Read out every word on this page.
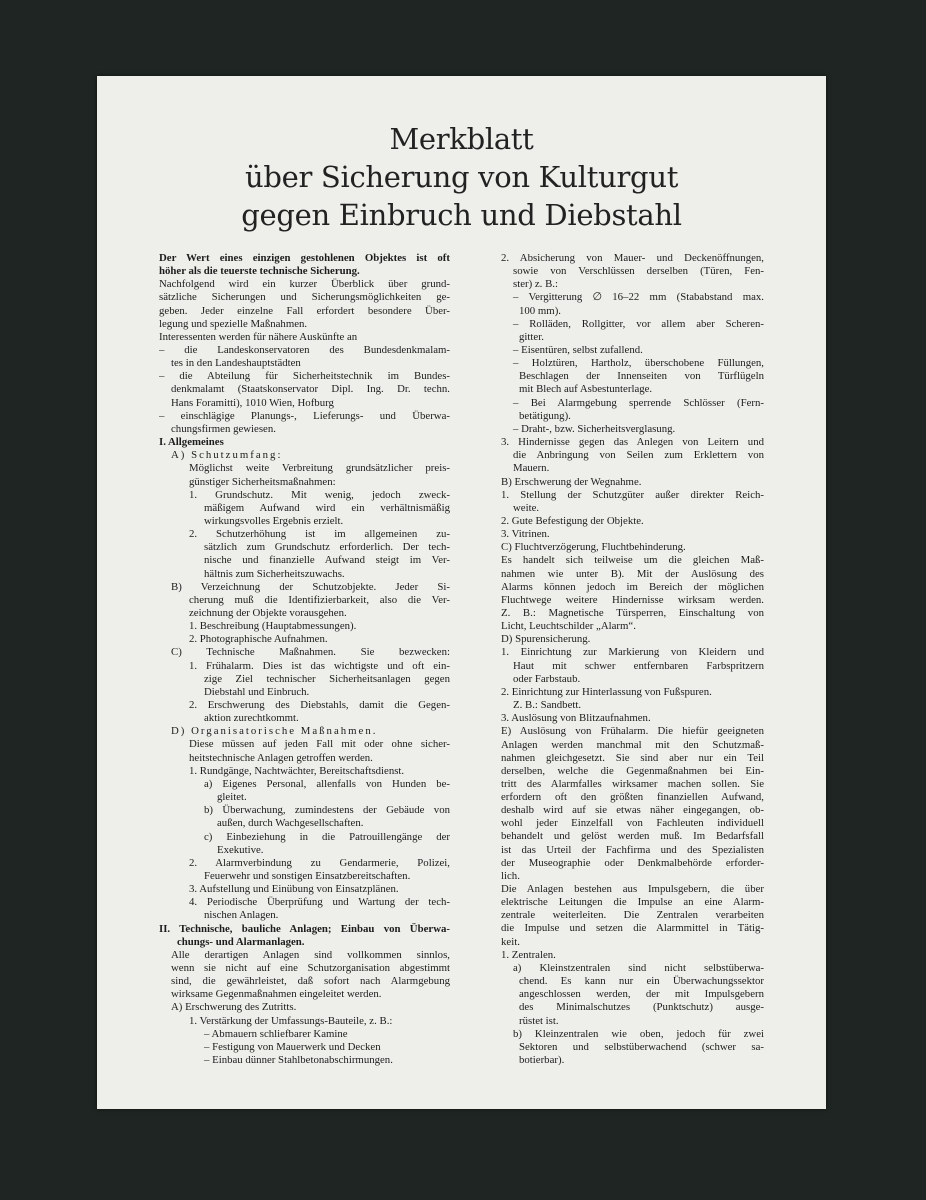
Merkblatt
über Sicherung von Kulturgut
gegen Einbruch und Diebstahl
Der Wert eines einzigen gestohlenen Objektes ist oft
höher als die teuerste technische Sicherung.
Nachfolgend wird ein kurzer Überblick über grund-
sätzliche Sicherungen und Sicherungsmöglichkeiten ge-
geben. Jeder einzelne Fall erfordert besondere Über-
legung und spezielle Maßnahmen.
Interessenten werden für nähere Auskünfte an
– die Landeskonservatoren des Bundesdenkmalam-
tes in den Landeshauptstädten
– die Abteilung für Sicherheitstechnik im Bundes-
denkmalamt (Staatskonservator Dipl. Ing. Dr. techn.
Hans Foramitti), 1010 Wien, Hofburg
– einschlägige Planungs-, Lieferungs- und Überwa-
chungsfirmen gewiesen.
I. Allgemeines
A) Schutzumfang:
Möglichst weite Verbreitung grundsätzlicher preis-
günstiger Sicherheitsmaßnahmen:
1. Grundschutz. Mit wenig, jedoch zweck-
mäßigem Aufwand wird ein verhältnismäßig
wirkungsvolles Ergebnis erzielt.
2. Schutzerhöhung ist im allgemeinen zu-
sätzlich zum Grundschutz erforderlich. Der tech-
nische und finanzielle Aufwand steigt im Ver-
hältnis zum Sicherheitszuwachs.
B) Verzeichnung der Schutzobjekte. Jeder Si-
cherung muß die Identifizierbarkeit, also die Ver-
zeichnung der Objekte vorausgehen.
1. Beschreibung (Hauptabmessungen).
2. Photographische Aufnahmen.
C) Technische Maßnahmen. Sie bezwecken:
1. Frühalarm. Dies ist das wichtigste und oft ein-
zige Ziel technischer Sicherheitsanlagen gegen
Diebstahl und Einbruch.
2. Erschwerung des Diebstahls, damit die Gegen-
aktion zurechtkommt.
D) Organisatorische Maßnahmen.
Diese müssen auf jeden Fall mit oder ohne sicher-
heitstechnische Anlagen getroffen werden.
1. Rundgänge, Nachtwächter, Bereitschaftsdienst.
a) Eigenes Personal, allenfalls von Hunden be-
gleitet.
b) Überwachung, zumindestens der Gebäude von
außen, durch Wachgesellschaften.
c) Einbeziehung in die Patrouillengänge der
Exekutive.
2. Alarmverbindung zu Gendarmerie, Polizei,
Feuerwehr und sonstigen Einsatzbereitschaften.
3. Aufstellung und Einübung von Einsatzplänen.
4. Periodische Überprüfung und Wartung der tech-
nischen Anlagen.
II. Technische, bauliche Anlagen; Einbau von Überwa-
chungs- und Alarmanlagen.
Alle derartigen Anlagen sind vollkommen sinnlos,
wenn sie nicht auf eine Schutzorganisation abgestimmt
sind, die gewährleistet, daß sofort nach Alarmgebung
wirksame Gegenmaßnahmen eingeleitet werden.
A) Erschwerung des Zutritts.
1. Verstärkung der Umfassungs-Bauteile, z. B.:
– Abmauern schliefbarer Kamine
– Festigung von Mauerwerk und Decken
– Einbau dünner Stahlbetonabschirmungen.
2. Absicherung von Mauer- und Deckenöffnungen,
sowie von Verschlüssen derselben (Türen, Fen-
ster) z. B.:
– Vergitterung ∅ 16–22 mm (Stababstand max.
100 mm).
– Rolläden, Rollgitter, vor allem aber Scheren-
gitter.
– Eisentüren, selbst zufallend.
– Holztüren, Hartholz, überschobene Füllungen,
Beschlagen der Innenseiten von Türflügeln
mit Blech auf Asbestunterlage.
– Bei Alarmgebung sperrende Schlösser (Fern-
betätigung).
– Draht-, bzw. Sicherheitsverglasung.
3. Hindernisse gegen das Anlegen von Leitern und
die Anbringung von Seilen zum Erklettern von
Mauern.
B) Erschwerung der Wegnahme.
1. Stellung der Schutzgüter außer direkter Reich-
weite.
2. Gute Befestigung der Objekte.
3. Vitrinen.
C) Fluchtverzögerung, Fluchtbehinderung.
Es handelt sich teilweise um die gleichen Maß-
nahmen wie unter B). Mit der Auslösung des
Alarms können jedoch im Bereich der möglichen
Fluchtwege weitere Hindernisse wirksam werden.
Z. B.: Magnetische Türsperren, Einschaltung von
Licht, Leuchtschilder „Alarm“.
D) Spurensicherung.
1. Einrichtung zur Markierung von Kleidern und
Haut mit schwer entfernbaren Farbspritzern
oder Farbstaub.
2. Einrichtung zur Hinterlassung von Fußspuren.
Z. B.: Sandbett.
3. Auslösung von Blitzaufnahmen.
E) Auslösung von Frühalarm. Die hiefür geeigneten
Anlagen werden manchmal mit den Schutzmaß-
nahmen gleichgesetzt. Sie sind aber nur ein Teil
derselben, welche die Gegenmaßnahmen bei Ein-
tritt des Alarmfalles wirksamer machen sollen. Sie
erfordern oft den größten finanziellen Aufwand,
deshalb wird auf sie etwas näher eingegangen, ob-
wohl jeder Einzelfall von Fachleuten individuell
behandelt und gelöst werden muß. Im Bedarfsfall
ist das Urteil der Fachfirma und des Spezialisten
der Museographie oder Denkmalbehörde erforder-
lich.
Die Anlagen bestehen aus Impulsgebern, die über
elektrische Leitungen die Impulse an eine Alarm-
zentrale weiterleiten. Die Zentralen verarbeiten
die Impulse und setzen die Alarmmittel in Tätig-
keit.
1. Zentralen.
a) Kleinstzentralen sind nicht selbstüberwa-
chend. Es kann nur ein Überwachungssektor
angeschlossen werden, der mit Impulsgebern
des Minimalschutzes (Punktschutz) ausge-
rüstet ist.
b) Kleinzentralen wie oben, jedoch für zwei
Sektoren und selbstüberwachend (schwer sa-
botierbar).
